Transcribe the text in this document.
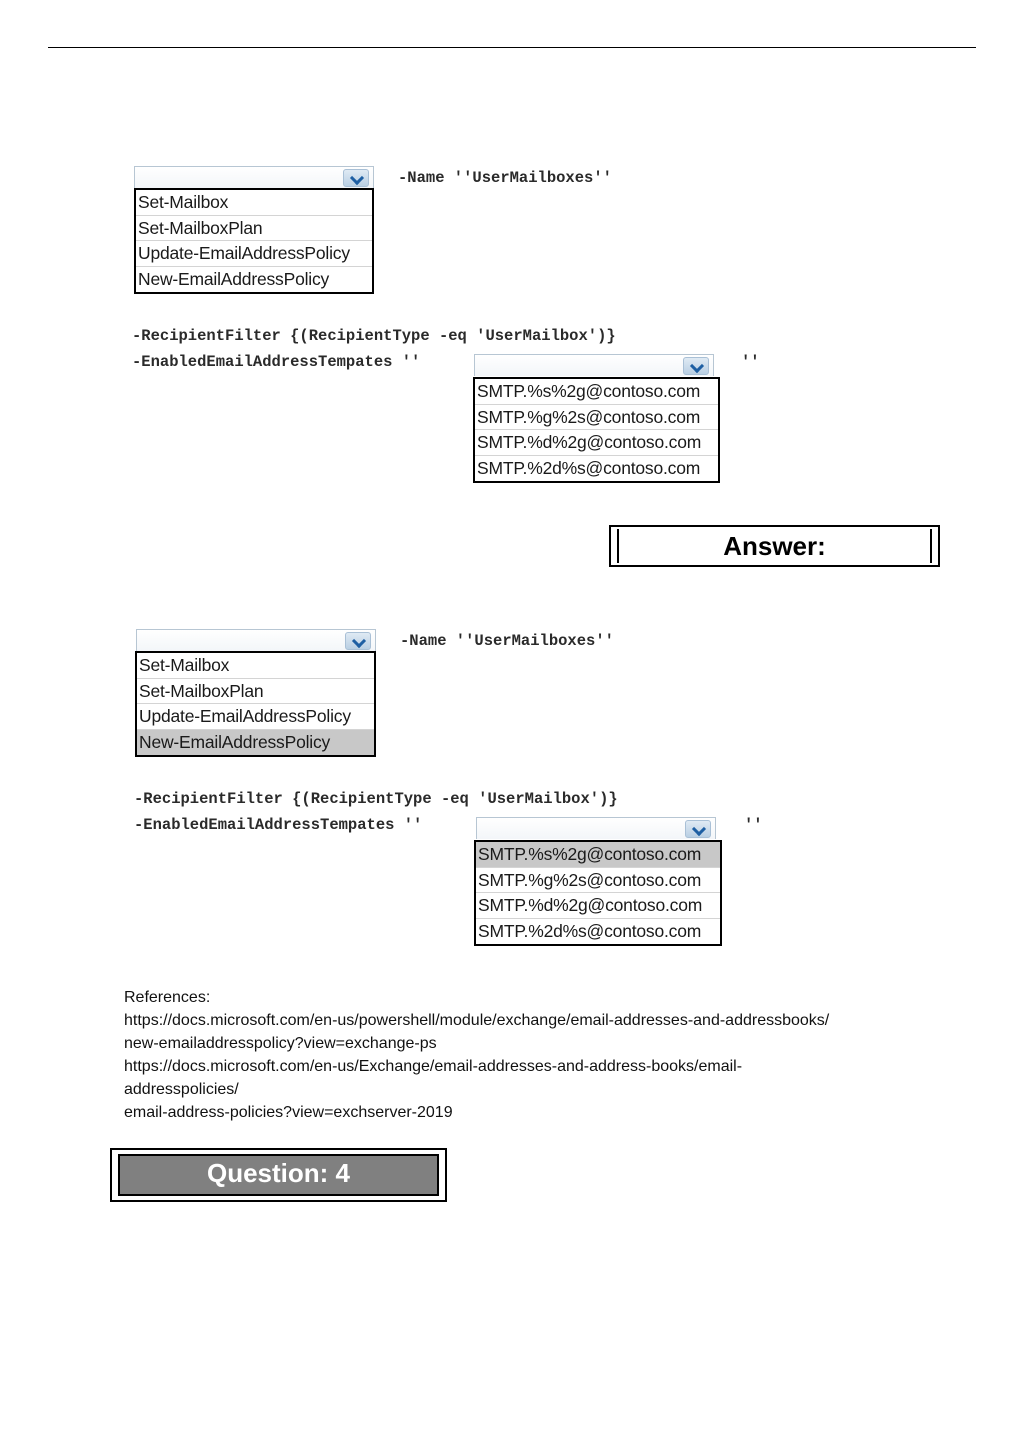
Set-Mailbox
Set-MailboxPlan
Update-EmailAddressPolicy
New-EmailAddressPolicy
-Name ''UserMailboxes''
-RecipientFilter {(RecipientType -eq 'UserMailbox')}
-EnabledEmailAddressTempates ''	''
SMTP.%s%2g@contoso.com
SMTP.%g%2s@contoso.com
SMTP.%d%2g@contoso.com
SMTP.%2d%s@contoso.com
Answer:
Set-Mailbox
Set-MailboxPlan
Update-EmailAddressPolicy
New-EmailAddressPolicy
-Name ''UserMailboxes''
-RecipientFilter {(RecipientType -eq 'UserMailbox')}
-EnabledEmailAddressTempates ''	''
SMTP.%s%2g@contoso.com
SMTP.%g%2s@contoso.com
SMTP.%d%2g@contoso.com
SMTP.%2d%s@contoso.com
References:
https://docs.microsoft.com/en-us/powershell/module/exchange/email-addresses-and-addressbooks/
new-emailaddresspolicy?view=exchange-ps
https://docs.microsoft.com/en-us/Exchange/email-addresses-and-address-books/email-
addresspolicies/
email-address-policies?view=exchserver-2019
Question: 4
